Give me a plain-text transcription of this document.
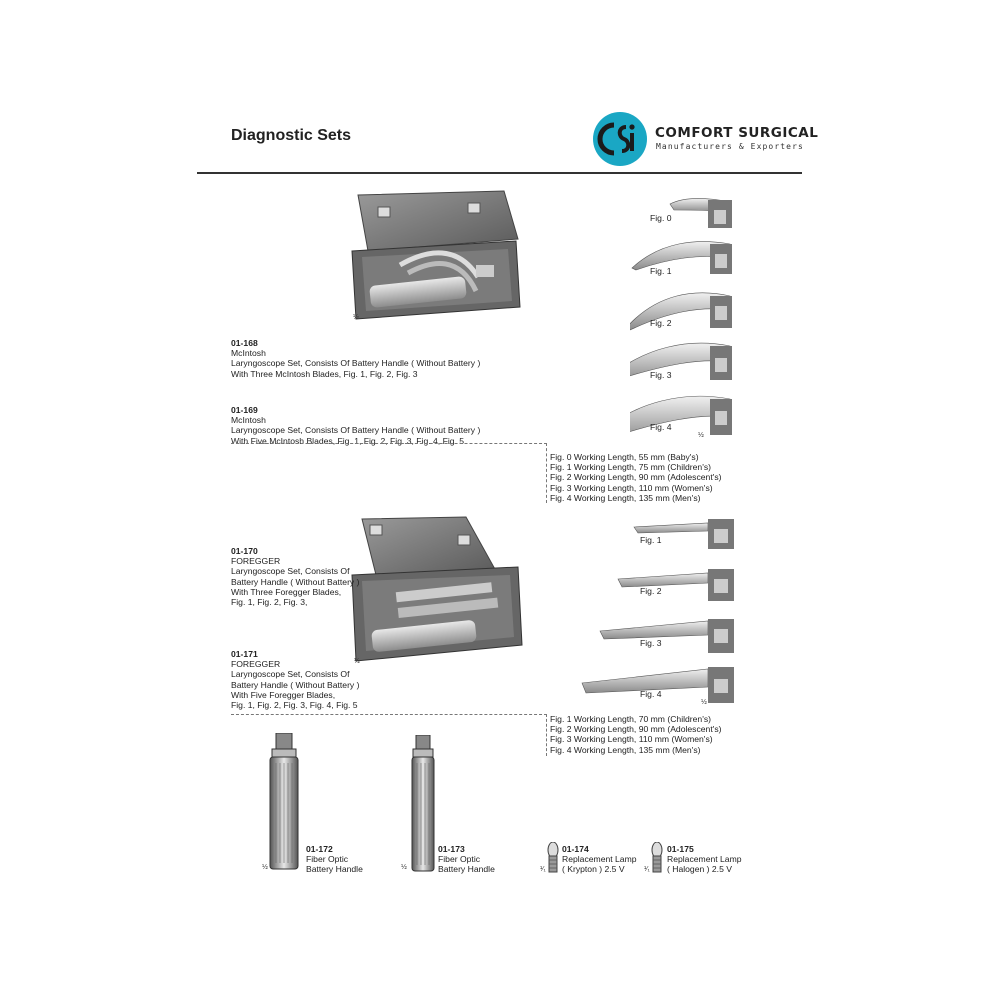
Diagnostic Sets	COMFORT SURGICAL
Manufacturers & Exporters
½
01-168
McIntosh
Laryngoscope Set, Consists Of Battery Handle ( Without Battery )
With Three McIntosh Blades, Fig. 1, Fig. 2, Fig. 3
01-169
McIntosh
Laryngoscope Set, Consists Of Battery Handle ( Without Battery )
With Five McIntosh Blades, Fig. 1, Fig. 2, Fig. 3, Fig. 4, Fig. 5
Fig. 0
Fig. 1
Fig. 2
Fig. 3
Fig. 4
½
Fig. 0 Working Length, 55 mm (Baby's)
Fig. 1 Working Length, 75 mm (Children's)
Fig. 2 Working Length, 90 mm (Adolescent's)
Fig. 3 Working Length, 110 mm (Women's)
Fig. 4 Working Length, 135 mm (Men's)
½
01-170
FOREGGER
Laryngoscope Set, Consists Of
Battery Handle ( Without Battery )
With Three Foregger Blades,
Fig. 1, Fig. 2, Fig. 3,
01-171
FOREGGER
Laryngoscope Set, Consists Of
Battery Handle ( Without Battery )
With Five Foregger Blades,
Fig. 1, Fig. 2, Fig. 3, Fig. 4, Fig. 5
Fig. 1
Fig. 2
Fig. 3
Fig. 4
½
Fig. 1 Working Length, 70 mm (Children's)
Fig. 2 Working Length, 90 mm (Adolescent's)
Fig. 3 Working Length, 110 mm (Women's)
Fig. 4 Working Length, 135 mm (Men's)
½
01-172
Fiber Optic
Battery Handle	½
01-173
Fiber Optic
Battery Handle	¹⁄₁
01-174
Replacement Lamp
( Krypton ) 2.5 V	¹⁄₁
01-175
Replacement Lamp
( Halogen ) 2.5 V
